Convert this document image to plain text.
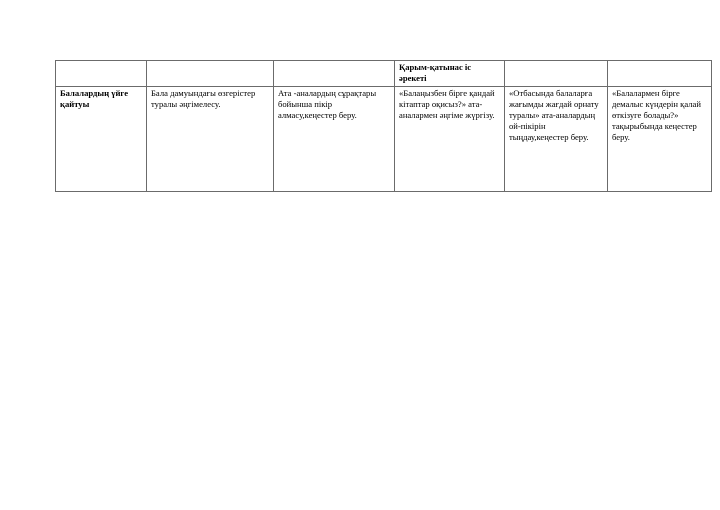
			Қарым-қатынас іс әрекеті		
Балалардың үйге қайтуы	Бала дамуындағы өзгерістер туралы әңгімелесу.	Ата -аналардың сұрақтары бойынша пікір алмасу,кеңестер беру.	«Балаңызбен бірге қандай кітаптар оқисыз?» ата-аналармен әңгіме жүргізу.	«Отбасында балаларға жағымды жағдай орнату туралы» ата-аналардың ой-пікірін тыңдау,кеңестер беру.	«Балалармен бірге демалыс күндерін қалай өткізуге болады?» тақырыбында кеңестер беру.
